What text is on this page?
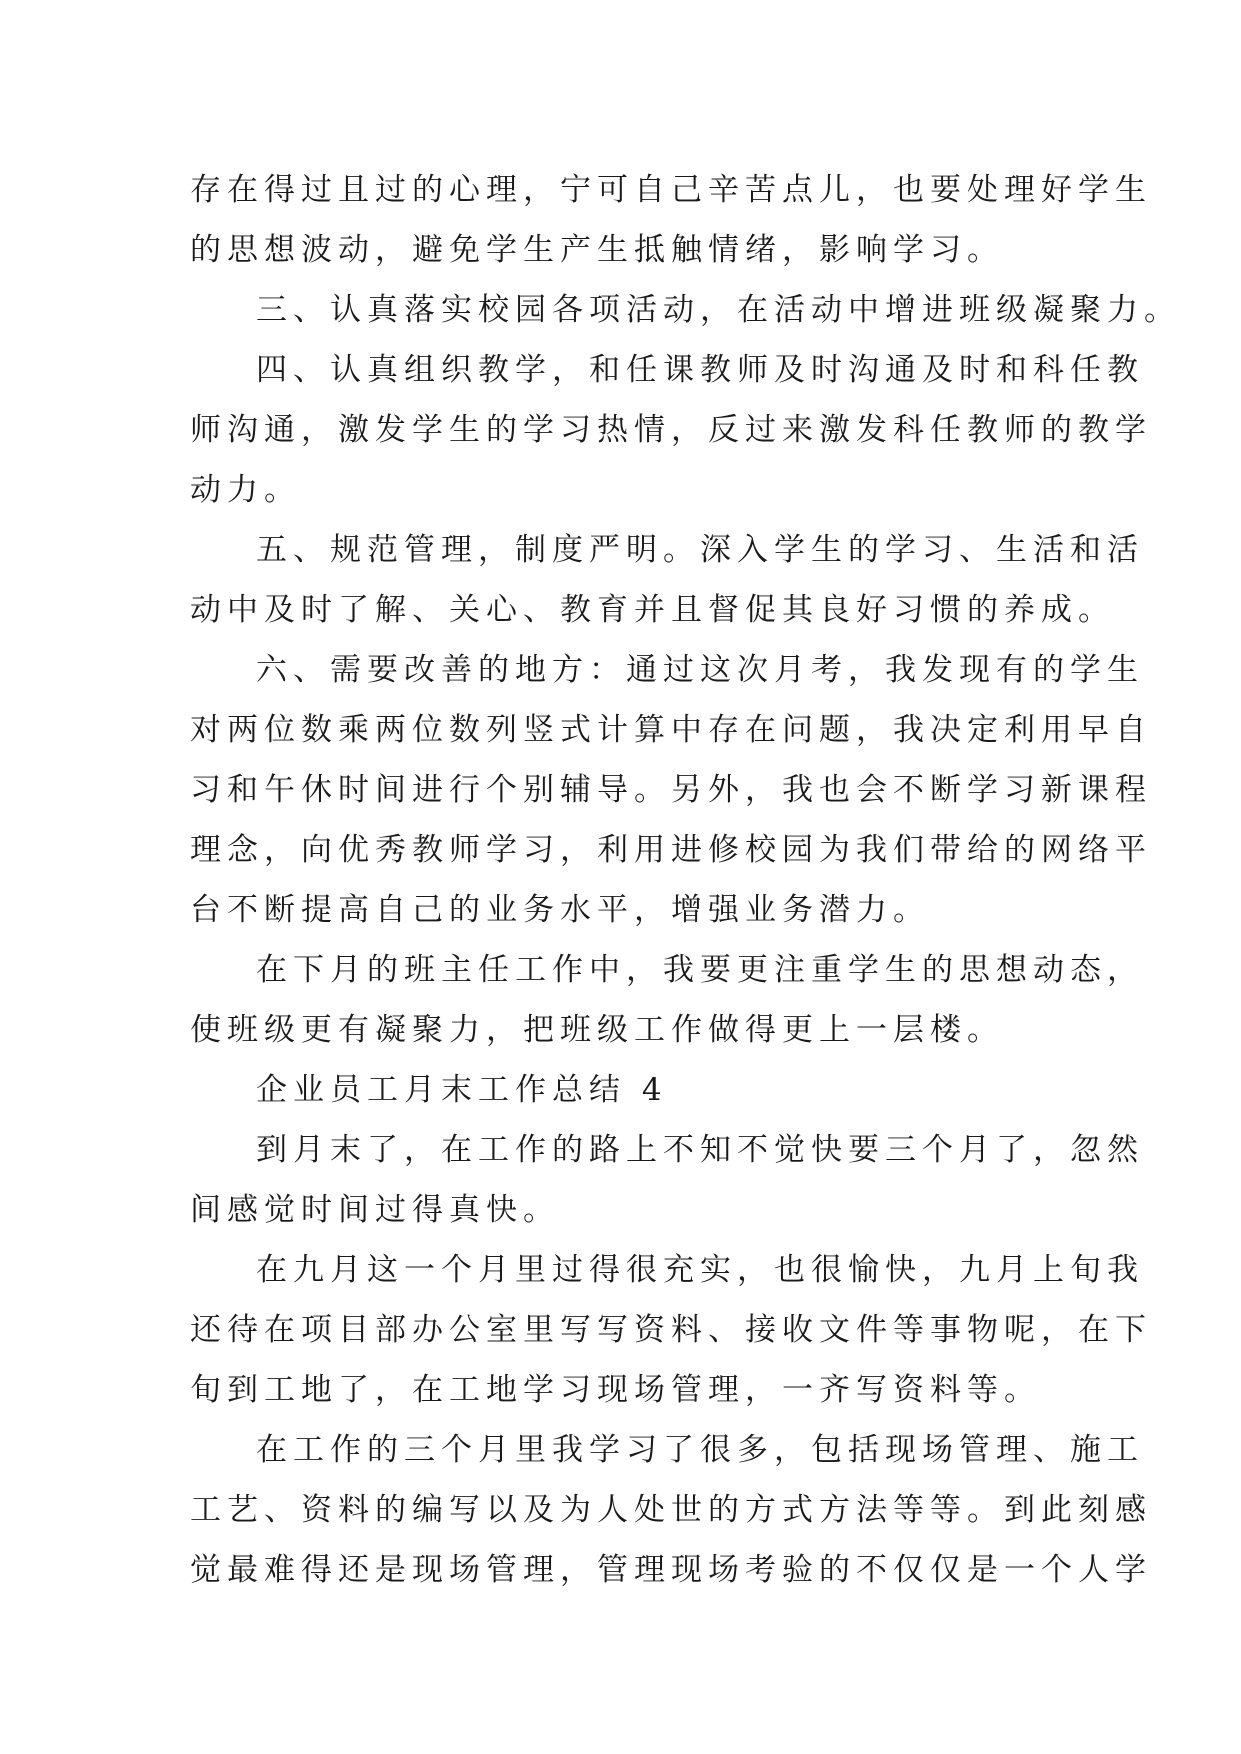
存在得过且过的心理，宁可自己辛苦点儿，也要处理好学生
的思想波动，避免学生产生抵触情绪，影响学习。
三、认真落实校园各项活动，在活动中增进班级凝聚力。
四、认真组织教学，和任课教师及时沟通及时和科任教
师沟通，激发学生的学习热情，反过来激发科任教师的教学
动力。
五、规范管理，制度严明。深入学生的学习、生活和活
动中及时了解、关心、教育并且督促其良好习惯的养成。
六、需要改善的地方：通过这次月考，我发现有的学生
对两位数乘两位数列竖式计算中存在问题，我决定利用早自
习和午休时间进行个别辅导。另外，我也会不断学习新课程
理念，向优秀教师学习，利用进修校园为我们带给的网络平
台不断提高自己的业务水平，增强业务潜力。
在下月的班主任工作中，我要更注重学生的思想动态，
使班级更有凝聚力，把班级工作做得更上一层楼。
企业员工月末工作总结 4
到月末了，在工作的路上不知不觉快要三个月了，忽然
间感觉时间过得真快。
在九月这一个月里过得很充实，也很愉快，九月上旬我
还待在项目部办公室里写写资料、接收文件等事物呢，在下
旬到工地了，在工地学习现场管理，一齐写资料等。
在工作的三个月里我学习了很多，包括现场管理、施工
工艺、资料的编写以及为人处世的方式方法等等。到此刻感
觉最难得还是现场管理，管理现场考验的不仅仅是一个人学
